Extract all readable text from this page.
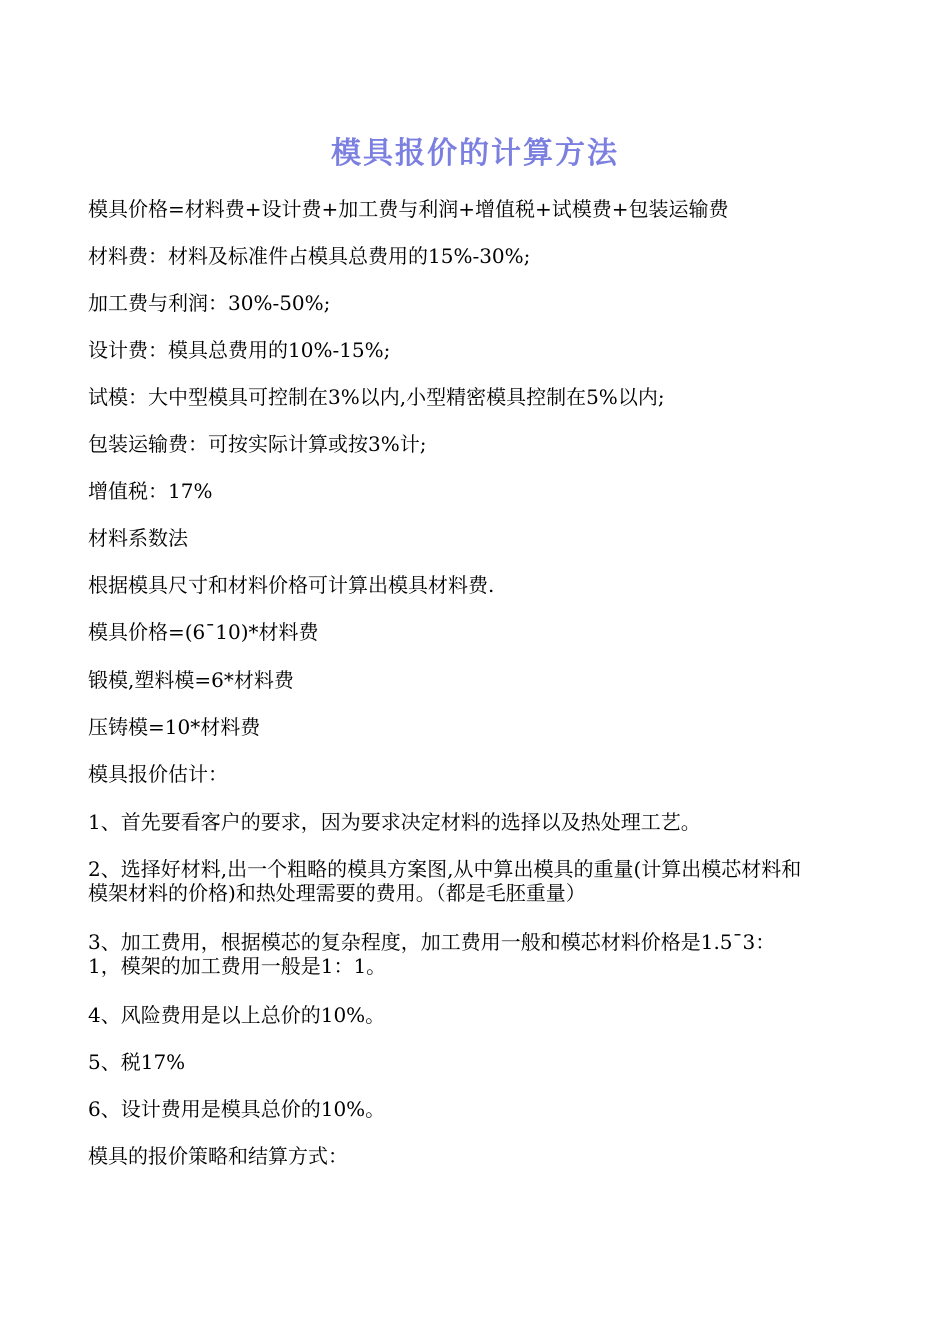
模具报价的计算方法
模具价格=材料费+设计费+加工费与利润+增值税+试模费+包装运输费
材料费：材料及标准件占模具总费用的15%-30%;
加工费与利润：30%-50%;
设计费：模具总费用的10%-15%;
试模：大中型模具可控制在3%以内,小型精密模具控制在5%以内;
包装运输费：可按实际计算或按3%计;
增值税：17%
材料系数法
根据模具尺寸和材料价格可计算出模具材料费.
模具价格=(6¯10)*材料费
锻模,塑料模=6*材料费
压铸模=10*材料费
模具报价估计：
1、首先要看客户的要求，因为要求决定材料的选择以及热处理工艺。
2、选择好材料,出一个粗略的模具方案图,从中算出模具的重量(计算出模芯材料和模架材料的价格)和热处理需要的费用。（都是毛胚重量）
3、加工费用，根据模芯的复杂程度，加工费用一般和模芯材料价格是1.5¯3：1，模架的加工费用一般是1：1。
4、风险费用是以上总价的10%。
5、税17%
6、设计费用是模具总价的10%。
模具的报价策略和结算方式：
